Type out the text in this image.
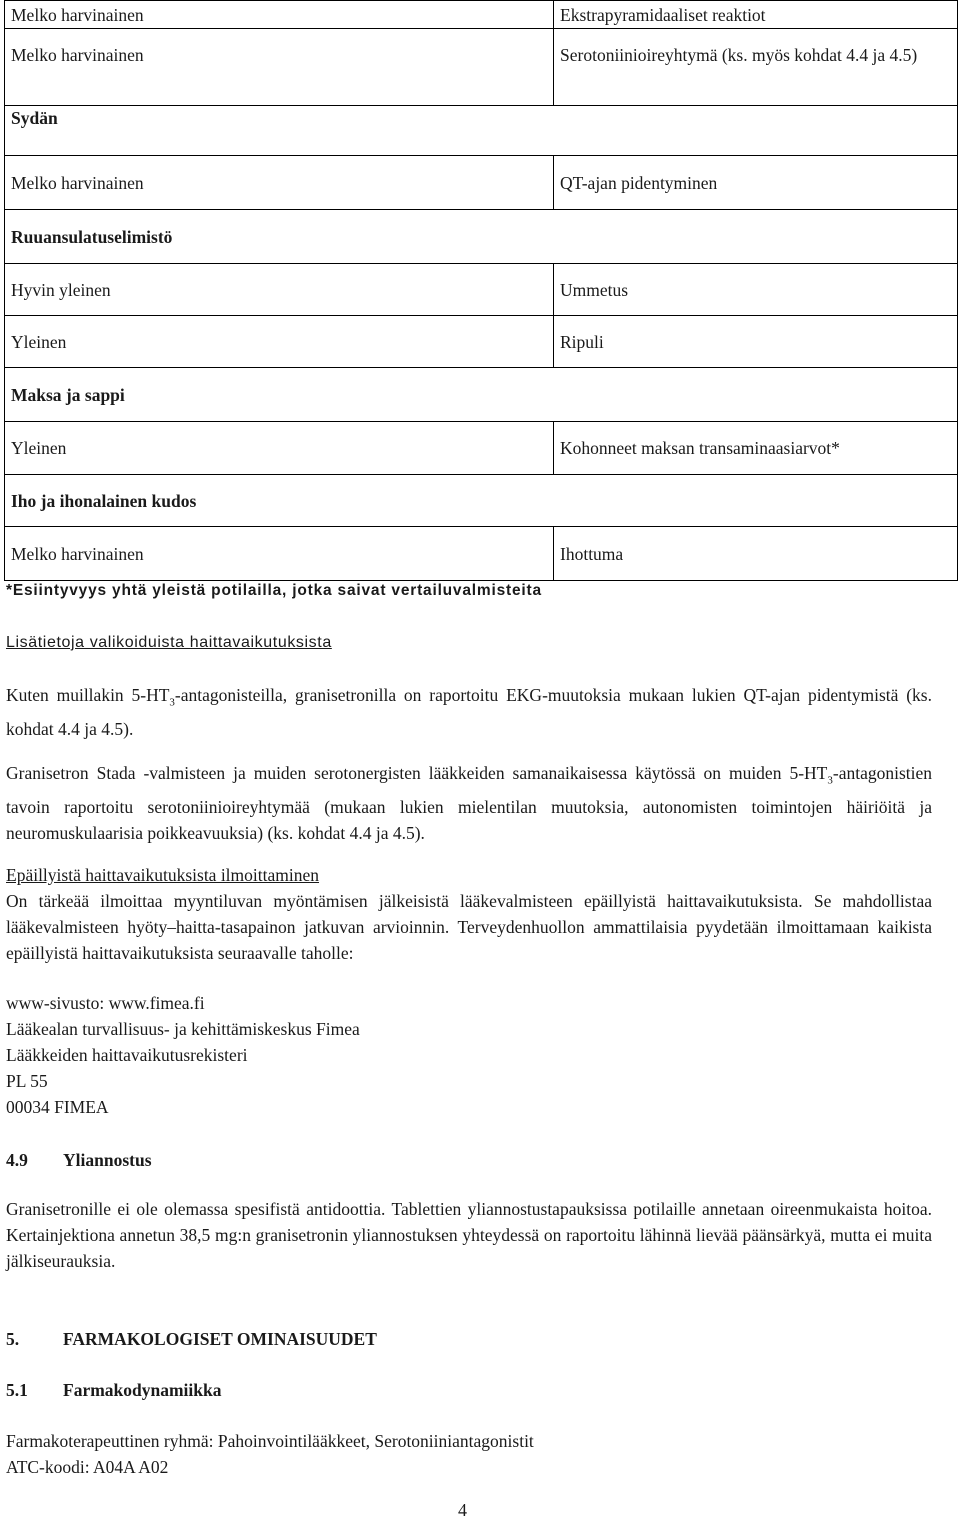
Melko harvinainen	Ekstrapyramidaaliset reaktiot
Melko harvinainen	Serotoniinioireyhtymä (ks. myös kohdat 4.4 ja 4.5)
Sydän	
Melko harvinainen	QT-ajan pidentyminen
Ruuansulatuselimistö	
Hyvin yleinen	Ummetus
Yleinen	Ripuli
Maksa ja sappi	
Yleinen	Kohonneet maksan transaminaasiarvot*
Iho ja ihonalainen kudos	
Melko harvinainen	Ihottuma
*Esiintyvyys yhtä yleistä potilailla, jotka saivat vertailuvalmisteita
Lisätietoja valikoiduista haittavaikutuksista
Kuten muillakin $5-HT_3$-antagonisteilla, granisetronilla on raportoitu EKG-muutoksia mukaan lukien QT-ajan pidentymistä (ks. kohdat 4.4 ja 4.5).
Granisetron Stada -valmisteen ja muiden serotonergisten lääkkeiden samanaikaisessa käytössä on muiden $5-HT_3$-antagonistien tavoin raportoitu serotoniinioireyhtymää (mukaan lukien mielentilan muutoksia, autonomisten toimintojen häiriöitä ja neuromuskulaarisia poikkeavuuksia) (ks. kohdat 4.4 ja 4.5).
Epäillyistä haittavaikutuksista ilmoittaminen
On tärkeää ilmoittaa myyntiluvan myöntämisen jälkeisistä lääkevalmisteen epäillyistä haittavaikutuksista. Se mahdollistaa lääkevalmisteen hyöty–haitta-tasapainon jatkuvan arvioinnin. Terveydenhuollon ammattilaisia pyydetään ilmoittamaan kaikista epäillyistä haittavaikutuksista seuraavalle taholle:
www-sivusto: www.fimea.fi
Lääkealan turvallisuus- ja kehittämiskeskus Fimea
Lääkkeiden haittavaikutusrekisteri
PL 55
00034 FIMEA
4.9 Yliannostus
Granisetronille ei ole olemassa spesifistä antidoottia. Tablettien yliannostustapauksissa potilaille annetaan oireenmukaista hoitoa. Kertainjektiona annetun 38,5 mg:n granisetronin yliannostuksen yhteydessä on raportoitu lähinnä lievää päänsärkyä, mutta ei muita jälkiseurauksia.
5.	FARMAKOLOGISET OMINAISUUDET
5.1 Farmakodynamiikka
Farmakoterapeuttinen ryhmä: Pahoinvointilääkkeet, Serotoniiniantagonistit
ATC-koodi: A04A A02
4
